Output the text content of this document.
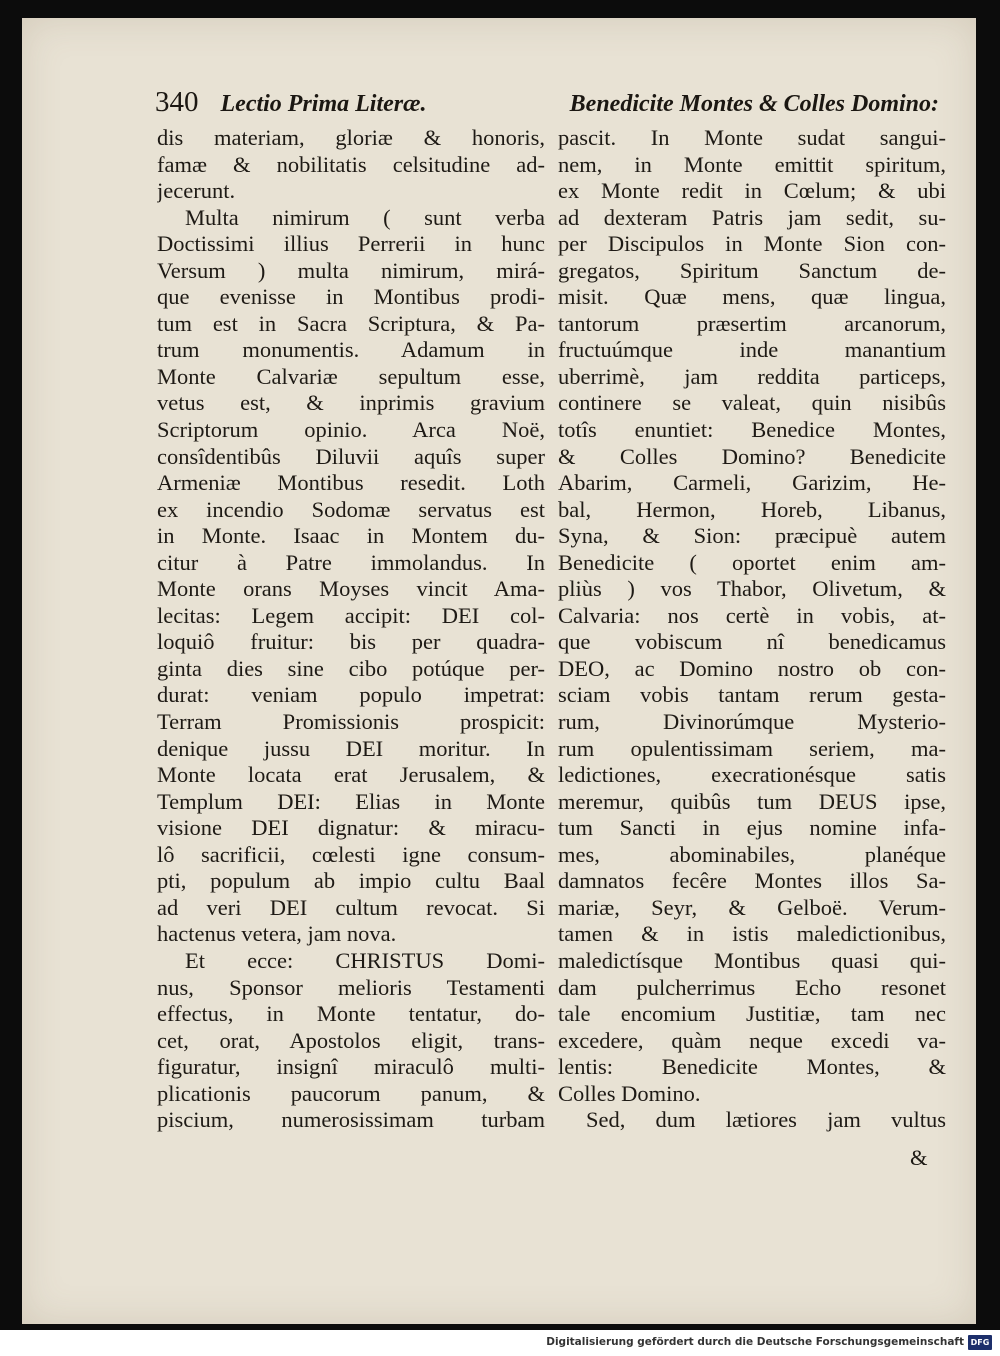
340 Lectio Prima Literæ.	Benedicite Montes & Colles Domino:
dis materiam, gloriæ & honoris,
famæ & nobilitatis celsitudine ad-
jecerunt.
Multa nimirum ( sunt verba
Doctissimi illius Perrerii in hunc
Versum ) multa nimirum, mirá-
que evenisse in Montibus prodi-
tum est in Sacra Scriptura, & Pa-
trum monumentis. Adamum in
Monte Calvariæ sepultum esse,
vetus est, & inprimis gravium
Scriptorum opinio. Arca Noë,
consîdentibûs Diluvii aquîs super
Armeniæ Montibus resedit. Loth
ex incendio Sodomæ servatus est
in Monte. Isaac in Montem du-
citur à Patre immolandus. In
Monte orans Moyses vincit Ama-
lecitas: Legem accipit: DEI col-
loquiô fruitur: bis per quadra-
ginta dies sine cibo potúque per-
durat: veniam populo impetrat:
Terram Promissionis prospicit:
denique jussu DEI moritur. In
Monte locata erat Jerusalem, &
Templum DEI: Elias in Monte
visione DEI dignatur: & miracu-
lô sacrificii, cœlesti igne consum-
pti, populum ab impio cultu Baal
ad veri DEI cultum revocat. Si
hactenus vetera, jam nova.
Et ecce: CHRISTUS Domi-
nus, Sponsor melioris Testamenti
effectus, in Monte tentatur, do-
cet, orat, Apostolos eligit, trans-
figuratur, insignî miraculô multi-
plicationis paucorum panum, &
piscium, numerosissimam turbam
pascit. In Monte sudat sangui-
nem, in Monte emittit spiritum,
ex Monte redit in Cœlum; & ubi
ad dexteram Patris jam sedit, su-
per Discipulos in Monte Sion con-
gregatos, Spiritum Sanctum de-
misit. Quæ mens, quæ lingua,
tantorum præsertim arcanorum,
fructuúmque inde manantium
uberrimè, jam reddita particeps,
continere se valeat, quin nisibûs
totîs enuntiet: Benedice Montes,
& Colles Domino? Benedicite
Abarim, Carmeli, Garizim, He-
bal, Hermon, Horeb, Libanus,
Syna, & Sion: præcipuè autem
Benedicite ( oportet enim am-
pliùs ) vos Thabor, Olivetum, &
Calvaria: nos certè in vobis, at-
que vobiscum nî benedicamus
DEO, ac Domino nostro ob con-
sciam vobis tantam rerum gesta-
rum, Divinorúmque Mysterio-
rum opulentissimam seriem, ma-
ledictiones, execrationésque satis
meremur, quibûs tum DEUS ipse,
tum Sancti in ejus nomine infa-
mes, abominabiles, planéque
damnatos fecêre Montes illos Sa-
mariæ, Seyr, & Gelboë. Verum-
tamen & in istis maledictionibus,
maledictísque Montibus quasi qui-
dam pulcherrimus Echo resonet
tale encomium Justitiæ, tam nec
excedere, quàm neque excedi va-
lentis: Benedicite Montes, &
Colles Domino.
Sed, dum lætiores jam vultus
&
Digitalisierung gefördert durch die Deutsche Forschungsgemeinschaft DFG
